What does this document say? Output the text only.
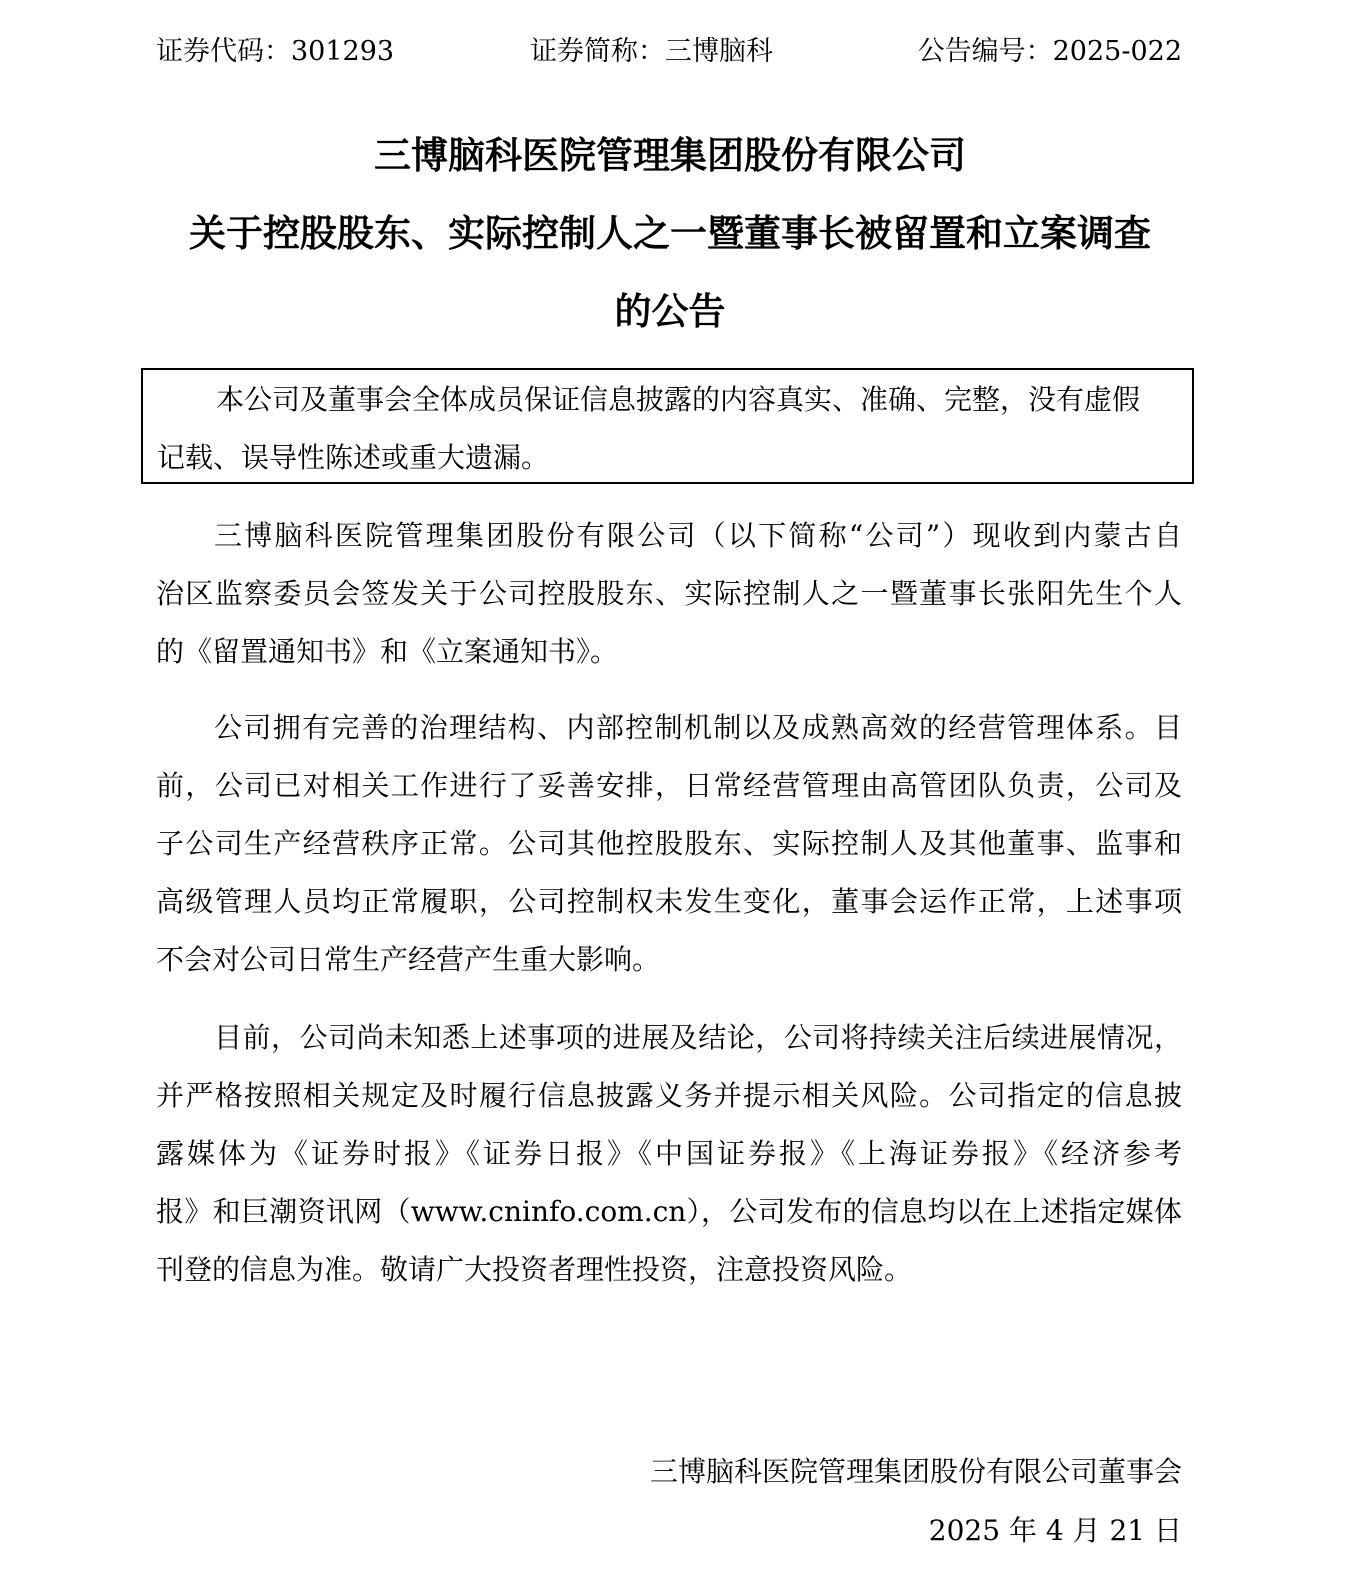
证券代码：301293	证券简称：三博脑科	公告编号：2025-022
三博脑科医院管理集团股份有限公司
关于控股股东、实际控制人之一暨董事长被留置和立案调查
的公告
本公司及董事会全体成员保证信息披露的内容真实、准确、完整，没有虚假
记载、误导性陈述或重大遗漏。
三博脑科医院管理集团股份有限公司（以下简称“公司”）现收到内蒙古自
治区监察委员会签发关于公司控股股东、实际控制人之一暨董事长张阳先生个人
的《留置通知书》和《立案通知书》。
公司拥有完善的治理结构、内部控制机制以及成熟高效的经营管理体系。目
前，公司已对相关工作进行了妥善安排，日常经营管理由高管团队负责，公司及
子公司生产经营秩序正常。公司其他控股股东、实际控制人及其他董事、监事和
高级管理人员均正常履职，公司控制权未发生变化，董事会运作正常，上述事项
不会对公司日常生产经营产生重大影响。
目前，公司尚未知悉上述事项的进展及结论，公司将持续关注后续进展情况，
并严格按照相关规定及时履行信息披露义务并提示相关风险。公司指定的信息披
露媒体为《证券时报》《证券日报》《中国证券报》《上海证券报》《经济参考
报》和巨潮资讯网（www.cninfo.com.cn），公司发布的信息均以在上述指定媒体
刊登的信息为准。敬请广大投资者理性投资，注意投资风险。
三博脑科医院管理集团股份有限公司董事会
2025 年 4 月 21 日
